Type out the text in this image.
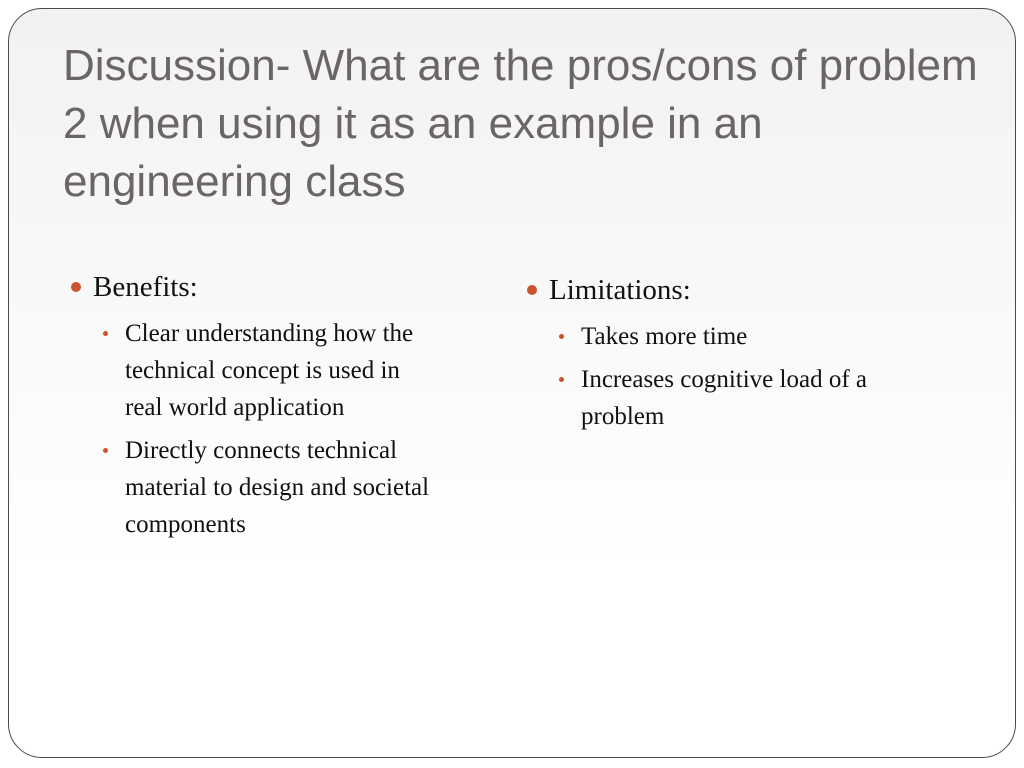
Discussion- What are the pros/cons of problem 2 when using it as an example in an engineering class
Benefits:
Clear understanding how the technical concept is used in real world application
Directly connects technical material to design and societal components
Limitations:
Takes more time
Increases cognitive load of a problem
